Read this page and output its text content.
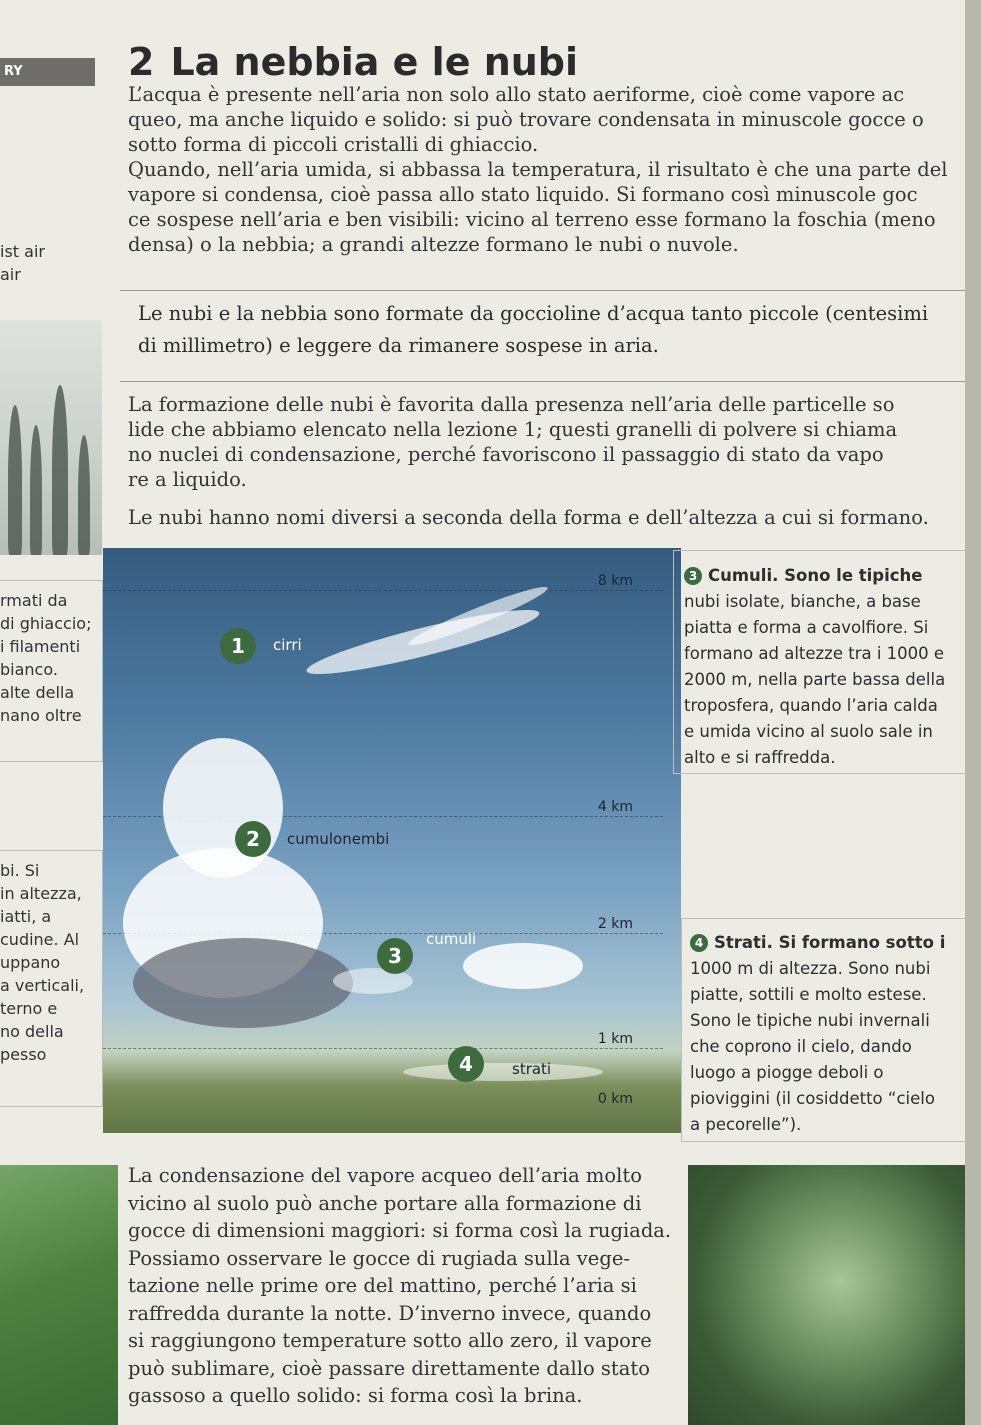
RY	2 La nebbia e le nubi
ist air
air

L’acqua è presente nell’aria non solo allo stato aeriforme, cioè come vapore ac

queo, ma anche liquido e solido: si può trovare condensata in minuscole gocce o

sotto forma di piccoli cristalli di ghiaccio.

Quando, nell’aria umida, si abbassa la temperatura, il risultato è che una parte del

vapore si condensa, cioè passa allo stato liquido. Si formano così minuscole goc

ce sospese nell’aria e ben visibili: vicino al terreno esse formano la foschia (meno

densa) o la nebbia; a grandi altezze formano le nubi o nuvole.

Le nubi e la nebbia sono formate da goccioline d’acqua tanto piccole (centesimi

di millimetro) e leggere da rimanere sospese in aria.

La formazione delle nubi è favorita dalla presenza nell’aria delle particelle so

lide che abbiamo elencato nella lezione 1; questi granelli di polvere si chiama

no nuclei di condensazione, perché favoriscono il passaggio di stato da vapo

re a liquido.

Le nubi hanno nomi diversi a seconda della forma e dell’altezza a cui si formano.

rmati da
di ghiaccio;
i filamenti
bianco.
alte della
nano oltre
bi. Si
in altezza,
iatti, a
cudine. Al
uppano
a verticali,
terno e
no della
pesso
8 km
4 km
2 km
1 km
0 km
1	cirri
2	cumulonembi
3
cumuli
4	strati
3 Cumuli. Sono le tipiche
nubi isolate, bianche, a base
piatta e forma a cavolfiore. Si
formano ad altezze tra i 1000 e
2000 m, nella parte bassa della
troposfera, quando l’aria calda
e umida vicino al suolo sale in
alto e si raffredda.
4 Strati. Si formano sotto i
1000 m di altezza. Sono nubi
piatte, sottili e molto estese.
Sono le tipiche nubi invernali
che coprono il cielo, dando
luogo a piogge deboli o
pioviggini (il cosiddetto “cielo
a pecorelle”).

La condensazione del vapore acqueo dell’aria molto

vicino al suolo può anche portare alla formazione di

gocce di dimensioni maggiori: si forma così la rugiada.

Possiamo osservare le gocce di rugiada sulla vege-

tazione nelle prime ore del mattino, perché l’aria si

raffredda durante la notte. D’inverno invece, quando

si raggiungono temperature sotto allo zero, il vapore

può sublimare, cioè passare direttamente dallo stato

gassoso a quello solido: si forma così la brina.
